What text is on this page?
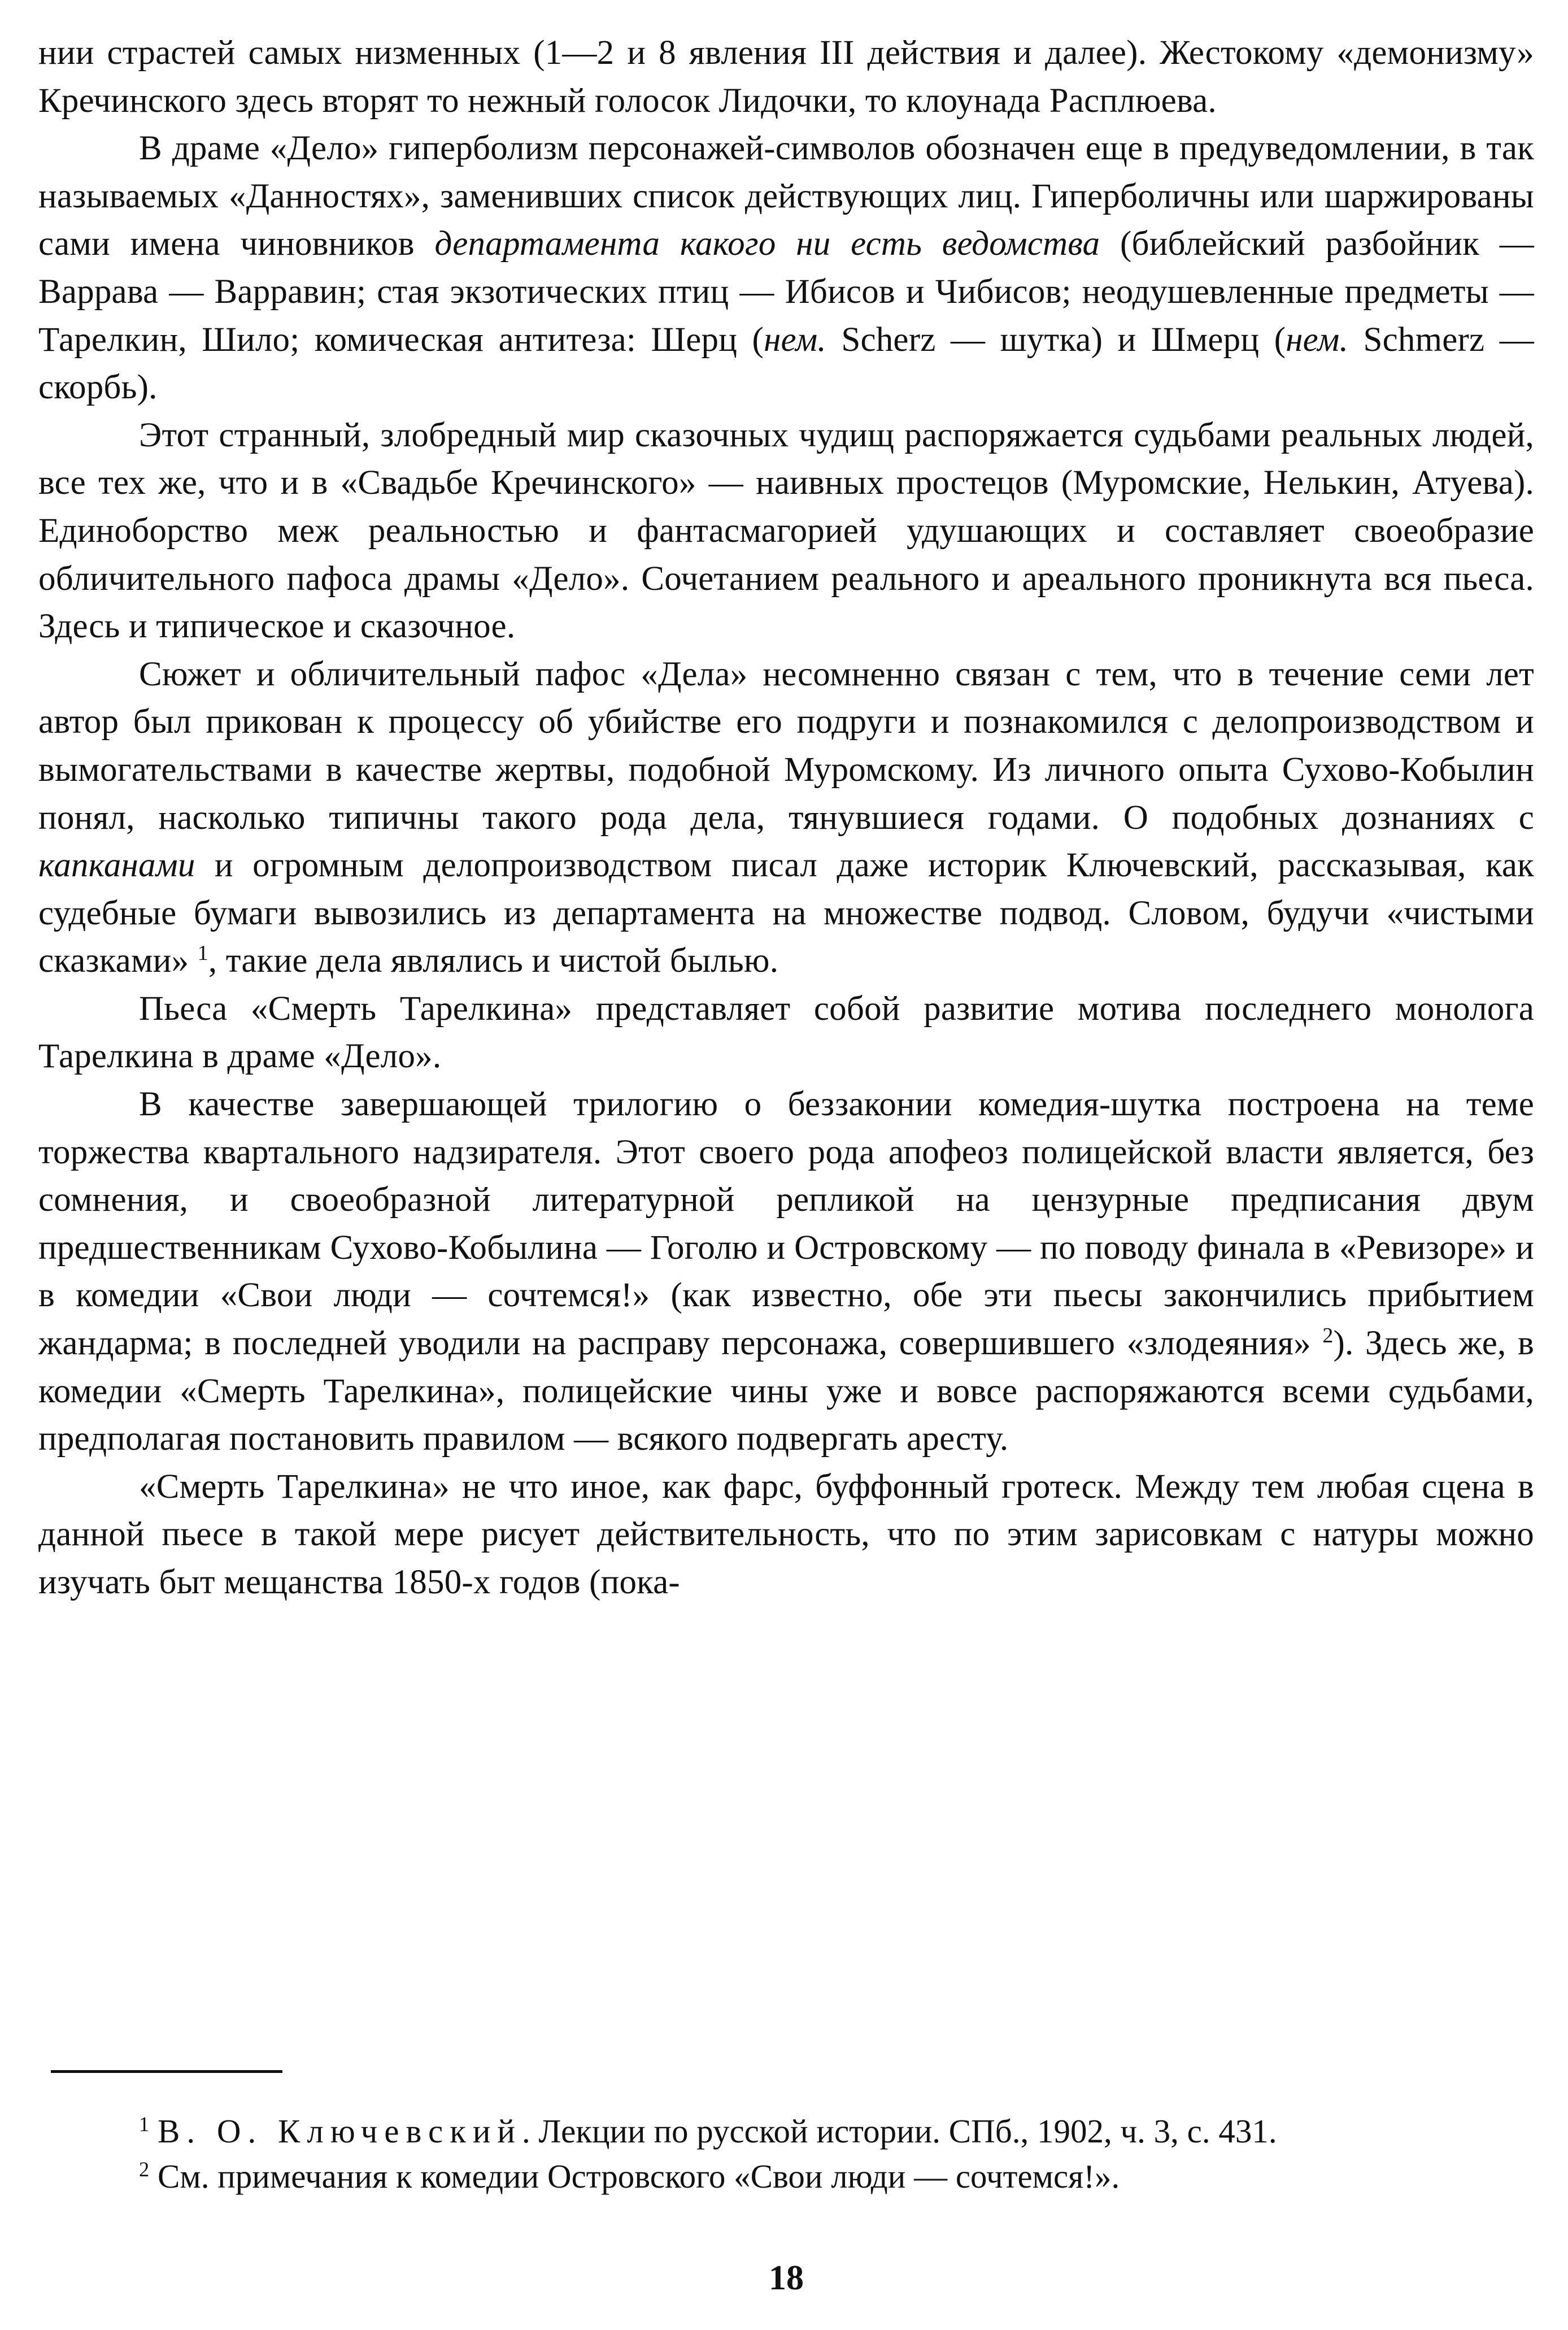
нии страстей самых низменных (1—2 и 8 явления III действия и далее). Жестокому «демонизму» Кречинского здесь вторят то нежный голосок Лидочки, то клоунада Расплюева.

В драме «Дело» гиперболизм персонажей-символов обозначен еще в предуведомлении, в так называемых «Данностях», заменивших список действующих лиц. Гиперболичны или шаржированы сами имена чиновников департамента какого ни есть ведомства (библейский разбойник — Варрава — Варравин; стая экзотических птиц — Ибисов и Чибисов; неодушевленные предметы — Тарелкин, Шило; комическая антитеза: Шерц (нем. Scherz — шутка) и Шмерц (нем. Schmerz — скорбь).

Этот странный, злобредный мир сказочных чудищ распоряжается судьбами реальных людей, все тех же, что и в «Свадьбе Кречинского» — наивных простецов (Муромские, Нелькин, Атуева). Единоборство меж реальностью и фантасмагорией удушающих и составляет своеобразие обличительного пафоса драмы «Дело». Сочетанием реального и ареального проникнута вся пьеса. Здесь и типическое и сказочное.

Сюжет и обличительный пафос «Дела» несомненно связан с тем, что в течение семи лет автор был прикован к процессу об убийстве его подруги и познакомился с делопроизводством и вымогательствами в качестве жертвы, подобной Муромскому. Из личного опыта Сухово-Кобылин понял, насколько типичны такого рода дела, тянувшиеся годами. О подобных дознаниях с капканами и огромным делопроизводством писал даже историк Ключевский, рассказывая, как судебные бумаги вывозились из департамента на множестве подвод. Словом, будучи «чистыми сказками» $^1$, такие дела являлись и чистой былью.

Пьеса «Смерть Тарелкина» представляет собой развитие мотива последнего монолога Тарелкина в драме «Дело».

В качестве завершающей трилогию о беззаконии комедия-шутка построена на теме торжества квартального надзирателя. Этот своего рода апофеоз полицейской власти является, без сомнения, и своеобразной литературной репликой на цензурные предписания двум предшественникам Сухово-Кобылина — Гоголю и Островскому — по поводу финала в «Ревизоре» и в комедии «Свои люди — сочтемся!» (как известно, обе эти пьесы закончились прибытием жандарма; в последней уводили на расправу персонажа, совершившего «злодеяния» $^2$). Здесь же, в комедии «Смерть Тарелкина», полицейские чины уже и вовсе распоряжаются всеми судьбами, предполагая постановить правилом — всякого подвергать аресту.

«Смерть Тарелкина» не что иное, как фарс, буффонный гротеск. Между тем любая сцена в данной пьесе в такой мере рисует действительность, что по этим зарисовкам с натуры можно изучать быт мещанства 1850-х годов (пока-

$^1$ В. О. Ключевский. Лекции по русской истории. СПб., 1902, ч. 3, с. 431.

$^2$ См. примечания к комедии Островского «Свои люди — сочтемся!».

18
